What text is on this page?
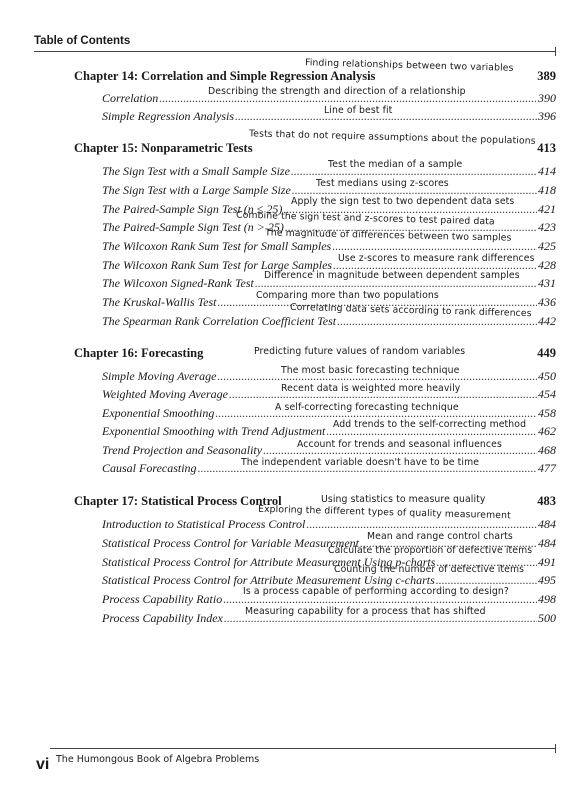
Table of Contents
Chapter 14: Correlation and Simple Regression Analysis	389
Finding relationships between two variables
Correlation .....	390
Describing the strength and direction of a relationship
Simple Regression Analysis .....	396
Line of best fit
Chapter 15: Nonparametric Tests	413
Tests that do not require assumptions about the populations
The Sign Test with a Small Sample Size .....	414
Test the median of a sample
The Sign Test with a Large Sample Size .....	418
Test medians using z-scores
The Paired-Sample Sign Test (n ≤ 25) .....	421
Apply the sign test to two dependent data sets
The Paired-Sample Sign Test (n > 25) .....	423
Combine the sign test and z-scores to test paired data
The Wilcoxon Rank Sum Test for Small Samples .....	425
The magnitude of differences between two samples
The Wilcoxon Rank Sum Test for Large Samples .....	428
Use z-scores to measure rank differences
The Wilcoxon Signed-Rank Test .....	431
Difference in magnitude between dependent samples
The Kruskal-Wallis Test .....	436
Comparing more than two populations
The Spearman Rank Correlation Coefficient Test .....	442
Correlating data sets according to rank differences
Chapter 16: Forecasting	449
Predicting future values of random variables
Simple Moving Average .....	450
The most basic forecasting technique
Weighted Moving Average .....	454
Recent data is weighted more heavily
Exponential Smoothing .....	458
A self-correcting forecasting technique
Exponential Smoothing with Trend Adjustment .....	462
Add trends to the self-correcting method
Trend Projection and Seasonality .....	468
Account for trends and seasonal influences
Causal Forecasting .....	477
The independent variable doesn't have to be time
Chapter 17: Statistical Process Control	483
Using statistics to measure quality
Introduction to Statistical Process Control .....	484
Exploring the different types of quality measurement
Statistical Process Control for Variable Measurement .....	484
Mean and range control charts
Statistical Process Control for Attribute Measurement Using p-charts .....	491
Calculate the proportion of defective items
Statistical Process Control for Attribute Measurement Using c-charts .....	495
Counting the number of defective items
Process Capability Ratio .....	498
Is a process capable of performing according to design?
Process Capability Index .....	500
Measuring capability for a process that has shifted
vi The Humongous Book of Algebra Problems
